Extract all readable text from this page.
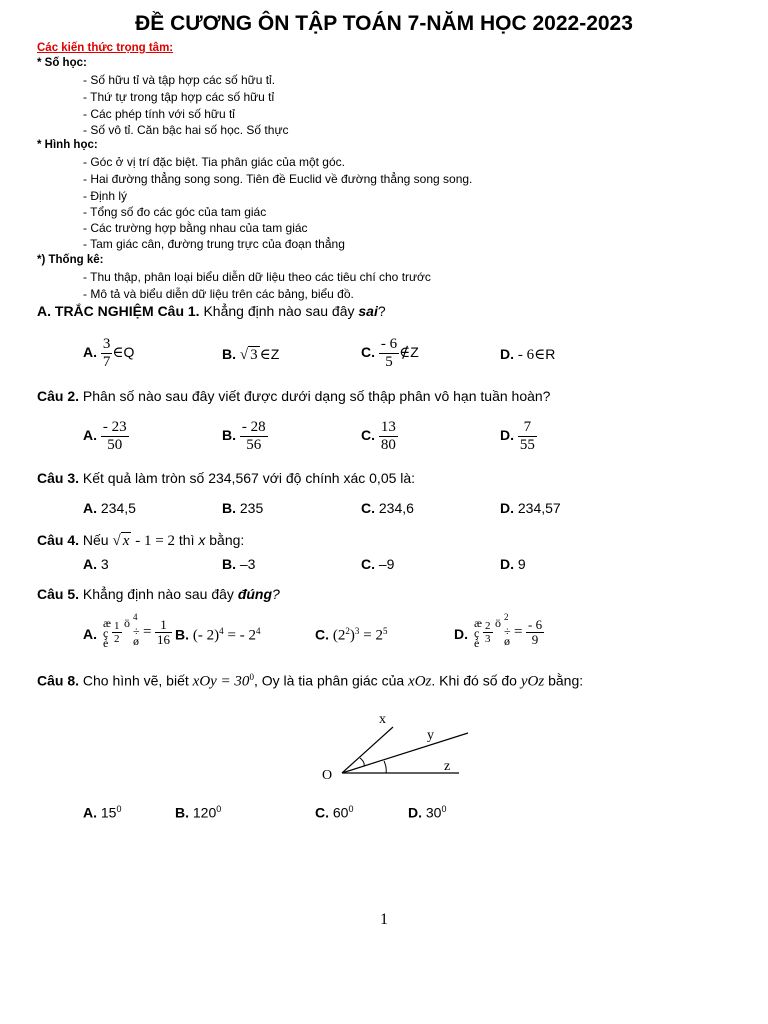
ĐỀ CƯƠNG ÔN TẬP TOÁN 7-NĂM HỌC 2022-2023
Các kiến thức trọng tâm:
* Số học:
- Số hữu tỉ và tập hợp các số hữu tỉ.
- Thứ tự trong tập hợp các số hữu tỉ
- Các phép tính với số hữu tỉ
- Số vô tỉ. Căn bậc hai số học. Số thực
* Hình học:
- Góc ở vị trí đặc biệt. Tia phân giác của một góc.
- Hai đường thẳng song song. Tiên đề Euclid về đường thẳng song song.
- Định lý
- Tổng số đo các góc của tam giác
- Các trường hợp bằng nhau của tam giác
- Tam giác cân, đường trung trực của đoạn thẳng
*) Thống kê:
- Thu thập, phân loại biểu diễn dữ liệu theo các tiêu chí cho trước
- Mô tả và biểu diễn dữ liệu trên các bảng, biểu đồ.
A. TRẮC NGHIỆM Câu 1. Khẳng định nào sau đây sai?
A. $\frac{3}{7}$ ∈Q	B. √ 3 ∈Z	C. $\frac{- 6}{5}$ ∉Z	D. - 6∈R
Câu 2. Phân số nào sau đây viết được dưới dạng số thập phân vô hạn tuần hoàn?
A. $\frac{- 23}{50}$	B. $\frac{- 28}{56}$	C. $\frac{13}{80}$	D. $\frac{7}{55}$
Câu 3. Kết quả làm tròn số 234,567 với độ chính xác 0,05 là:
A. 234,5	B. 235	C. 234,6	D. 234,57
Câu 4. Nếu √ x - 1 = 2 thì x bằng:
A. 3	B. –3	C. –9	D. 9
Câu 5. Khẳng định nào sau đây đúng?
A.
æ
ç
è $\frac{1}{2}$ ö 4
÷
ø
= $\frac{1}{16} B$. (- 2)$^4$ = - $2^4$	C. $(2^2)^3 = 2^5$	D.
æ
ç
è $\frac{2}{3}$ ö 2
÷
ø
= $\frac{- 6}{9}$
Câu 8. Cho hình vẽ, biết xOy = $30^0$, Oy là tia phân giác của xOz. Khi đó số đo yOz bằng:
O
x
y
z
A. $15^0$	B. $120^0$	C. $60^0$	D. $30^0$
1
